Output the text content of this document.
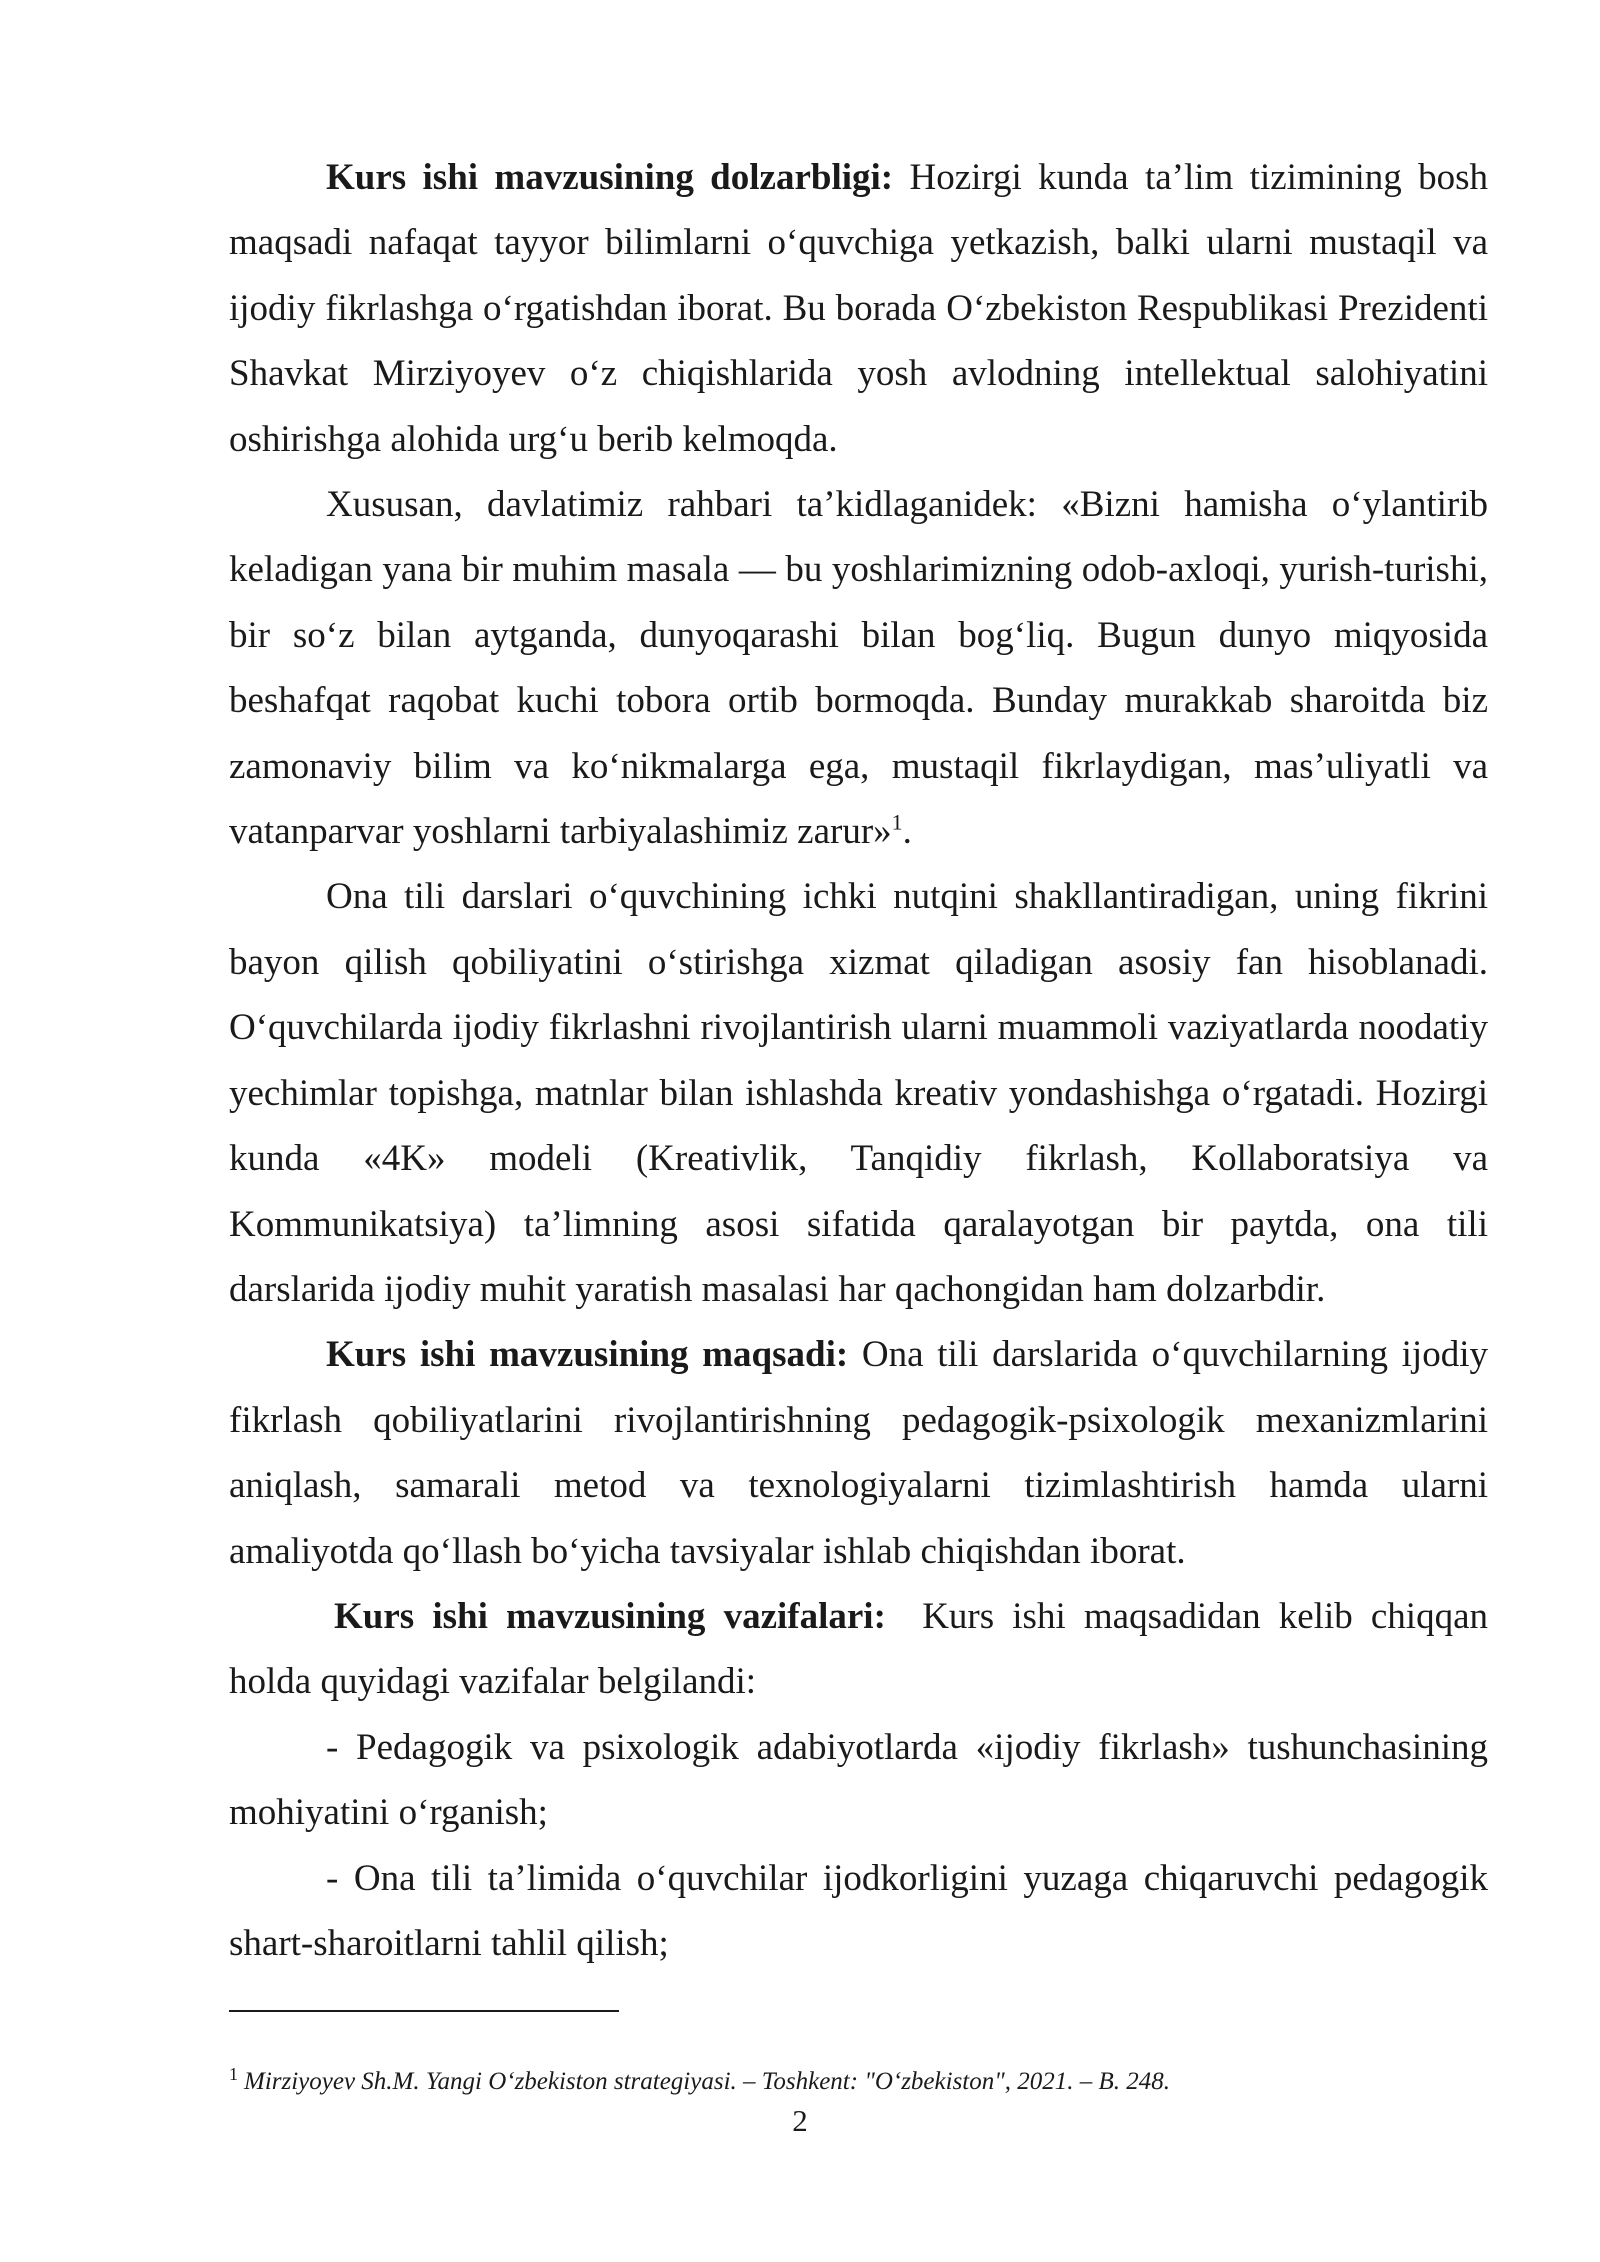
Kurs ishi mavzusining dolzarbligi: Hozirgi kunda ta’lim tizimining bosh maqsadi nafaqat tayyor bilimlarni oʻquvchiga yetkazish, balki ularni mustaqil va ijodiy fikrlashga oʻrgatishdan iborat. Bu borada Oʻzbekiston Respublikasi Prezidenti Shavkat Mirziyoyev oʻz chiqishlarida yosh avlodning intellektual salohiyatini oshirishga alohida urgʻu berib kelmoqda.

Xususan, davlatimiz rahbari ta’kidlaganidek: «Bizni hamisha oʻylantirib keladigan yana bir muhim masala — bu yoshlarimizning odob-axloqi, yurish-turishi, bir soʻz bilan aytganda, dunyoqarashi bilan bogʻliq. Bugun dunyo miqyosida beshafqat raqobat kuchi tobora ortib bormoqda. Bunday murakkab sharoitda biz zamonaviy bilim va koʻnikmalarga ega, mustaqil fikrlaydigan, mas’uliyatli va vatanparvar yoshlarni tarbiyalashimiz zarur»$^1$.

Ona tili darslari oʻquvchining ichki nutqini shakllantiradigan, uning fikrini bayon qilish qobiliyatini oʻstirishga xizmat qiladigan asosiy fan hisoblanadi. Oʻquvchilarda ijodiy fikrlashni rivojlantirish ularni muammoli vaziyatlarda noodatiy yechimlar topishga, matnlar bilan ishlashda kreativ yondashishga oʻrgatadi. Hozirgi kunda «4K» modeli (Kreativlik, Tanqidiy fikrlash, Kollaboratsiya va Kommunikatsiya) ta’limning asosi sifatida qaralayotgan bir paytda, ona tili darslarida ijodiy muhit yaratish masalasi har qachongidan ham dolzarbdir.

Kurs ishi mavzusining maqsadi: Ona tili darslarida oʻquvchilarning ijodiy fikrlash qobiliyatlarini rivojlantirishning pedagogik-psixologik mexanizmlarini aniqlash, samarali metod va texnologiyalarni tizimlashtirish hamda ularni amaliyotda qoʻllash boʻyicha tavsiyalar ishlab chiqishdan iborat.

Kurs ishi mavzusining vazifalari:  Kurs ishi maqsadidan kelib chiqqan holda quyidagi vazifalar belgilandi:

- Pedagogik va psixologik adabiyotlarda «ijodiy fikrlash» tushunchasining mohiyatini oʻrganish;

- Ona tili ta’limida oʻquvchilar ijodkorligini yuzaga chiqaruvchi pedagogik shart-sharoitlarni tahlil qilish;

$^1$ Mirziyoyev Sh.M. Yangi Oʻzbekiston strategiyasi. – Toshkent: "Oʻzbekiston", 2021. – B. 248.
2
